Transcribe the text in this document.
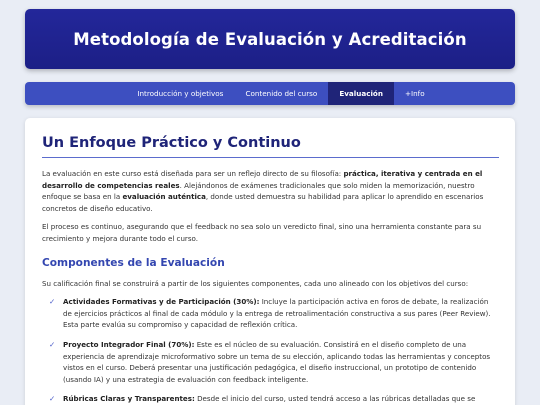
Metodología de Evaluación y Acreditación
Introducción y objetivos	Contenido del curso	Evaluación	+Info
Un Enfoque Práctico y Continuo

La evaluación en este curso está diseñada para ser un reflejo directo de su filosofía: práctica, iterativa y centrada en el desarrollo de competencias reales. Alejándonos de exámenes tradicionales que solo miden la memorización, nuestro enfoque se basa en la evaluación auténtica, donde usted demuestra su habilidad para aplicar lo aprendido en escenarios concretos de diseño educativo.

El proceso es continuo, asegurando que el feedback no sea solo un veredicto final, sino una herramienta constante para su crecimiento y mejora durante todo el curso.

Componentes de la Evaluación

Su calificación final se construirá a partir de los siguientes componentes, cada uno alineado con los objetivos del curso:

✓ Actividades Formativas y de Participación (30%): Incluye la participación activa en foros de debate, la realización de ejercicios prácticos al final de cada módulo y la entrega de retroalimentación constructiva a sus pares (Peer Review). Esta parte evalúa su compromiso y capacidad de reflexión crítica.
✓ Proyecto Integrador Final (70%): Este es el núcleo de su evaluación. Consistirá en el diseño completo de una experiencia de aprendizaje microformativo sobre un tema de su elección, aplicando todas las herramientas y conceptos vistos en el curso. Deberá presentar una justificación pedagógica, el diseño instruccional, un prototipo de contenido (usando IA) y una estrategia de evaluación con feedback inteligente.
✓ Rúbricas Claras y Transparentes: Desde el inicio del curso, usted tendrá acceso a las rúbricas detalladas que se
